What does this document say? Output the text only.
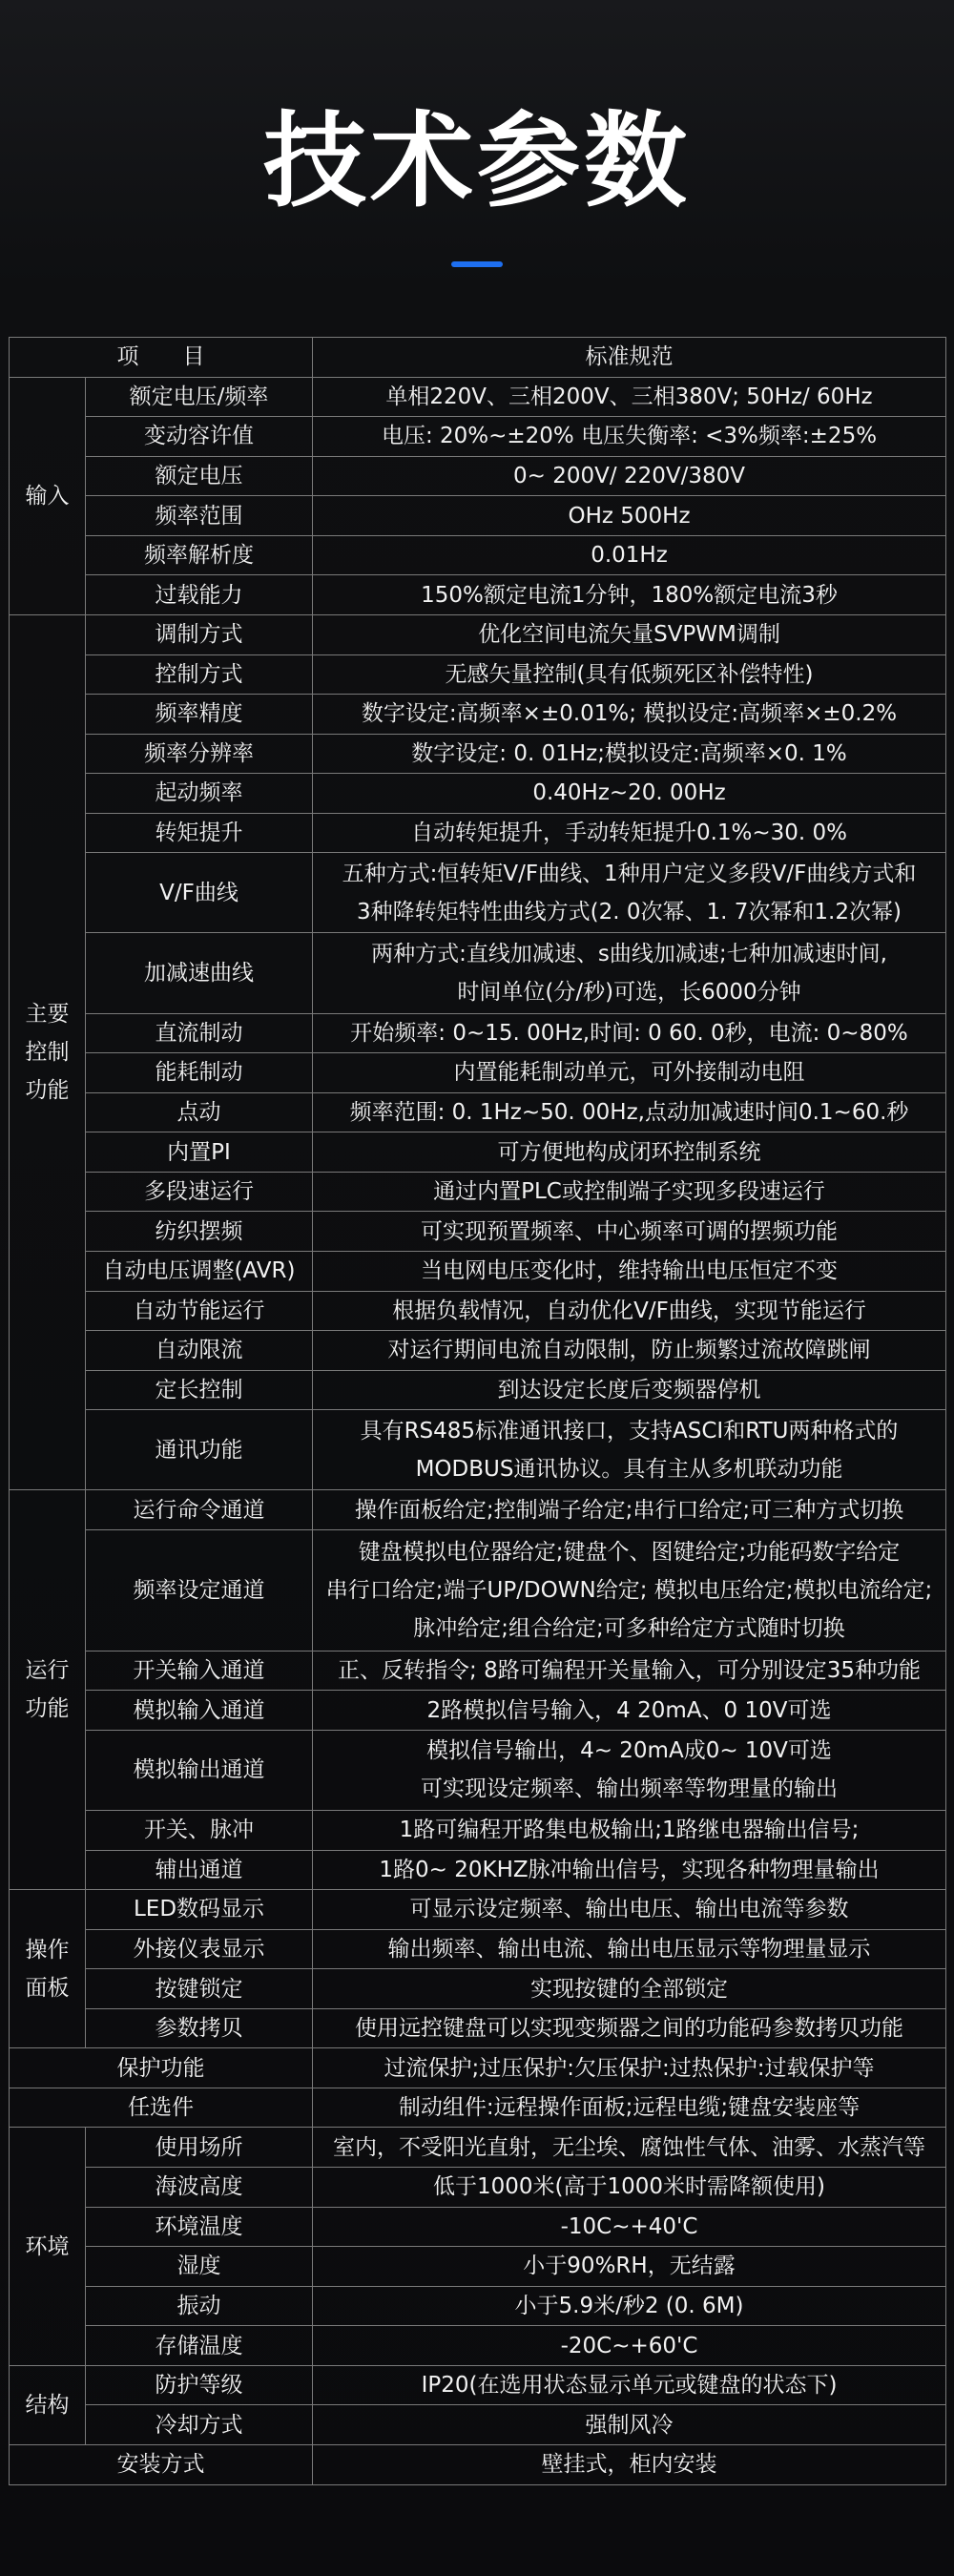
技术参数
项　　目		标准规范

输入	额定电压/频率	单相220V、三相200V、三相380V; 50Hz/ 60Hz

	变动容许值	电压: 20%~±20% 电压失衡率: <3%频率:±25%

	额定电压	0~ 200V/ 220V/380V

	频率范围	OHz 500Hz

	频率解析度	0.01Hz

	过载能力	150%额定电流1分钟，180%额定电流3秒

主要
控制
功能	调制方式	优化空间电流矢量SVPWM调制

	控制方式	无感矢量控制(具有低频死区补偿特性)

	频率精度	数字设定:高频率×±0.01%; 模拟设定:高频率×±0.2%

	频率分辨率	数字设定: 0. 01Hz;模拟设定:高频率×0. 1%

	起动频率	0.40Hz~20. 00Hz

	转矩提升	自动转矩提升，手动转矩提升0.1%~30. 0%

	V/F曲线	五种方式:恒转矩V/F曲线、1种用户定义多段V/F曲线方式和
3种降转矩特性曲线方式(2. 0次幂、1. 7次幂和1.2次幂)

	加减速曲线	两种方式:直线加减速、s曲线加减速;七种加减速时间,
时间单位(分/秒)可选，长6000分钟

	直流制动	开始频率: 0~15. 00Hz,时间: 0 60. 0秒，电流: 0~80%

	能耗制动	内置能耗制动单元，可外接制动电阻

	点动	频率范围: 0. 1Hz~50. 00Hz,点动加减速时间0.1~60.秒

	内置PI	可方便地构成闭环控制系统

	多段速运行	通过内置PLC或控制端子实现多段速运行

	纺织摆频	可实现预置频率、中心频率可调的摆频功能

	自动电压调整(AVR)	当电网电压变化时，维持输出电压恒定不变

	自动节能运行	根据负载情况，自动优化V/F曲线，实现节能运行

	自动限流	对运行期间电流自动限制，防止频繁过流故障跳闸

	定长控制	到达设定长度后变频器停机

	通讯功能	具有RS485标准通讯接口，支持ASCI和RTU两种格式的
MODBUS通讯协议。具有主从多机联动功能

运行
功能	运行命令通道	操作面板给定;控制端子给定;串行口给定;可三种方式切换

	频率设定通道	键盘模拟电位器给定;键盘个、图键给定;功能码数字给定
串行口给定;端子UP/DOWN给定; 模拟电压给定;模拟电流给定;
脉冲给定;组合给定;可多种给定方式随时切换

	开关输入通道	正、反转指令; 8路可编程开关量输入，可分别设定35种功能

	模拟输入通道	2路模拟信号输入，4 20mA、0 10V可选

	模拟输出通道	模拟信号输出，4~ 20mA成0~ 10V可选
可实现设定频率、输出频率等物理量的输出

	开关、脉冲	1路可编程开路集电极输出;1路继电器输出信号;

	辅出通道	1路0~ 20KHZ脉冲输出信号，实现各种物理量输出

操作
面板	LED数码显示	可显示设定频率、输出电压、输出电流等参数

	外接仪表显示	输出频率、输出电流、输出电压显示等物理量显示

	按键锁定	实现按键的全部锁定

	参数拷贝	使用远控键盘可以实现变频器之间的功能码参数拷贝功能

保护功能		过流保护;过压保护:欠压保护:过热保护:过载保护等

任选件		制动组件:远程操作面板;远程电缆;键盘安装座等

环境	使用场所	室内，不受阳光直射，无尘埃、腐蚀性气体、油雾、水蒸汽等

	海波高度	低于1000米(高于1000米时需降额使用)

	环境温度	-10C~+40'C

	湿度	小于90%RH，无结露

	振动	小于5.9米/秒2 (0. 6M)

	存储温度	-20C~+60'C

结构	防护等级	IP20(在选用状态显示单元或键盘的状态下)

	冷却方式	强制风冷

安装方式		壁挂式，柜内安装
